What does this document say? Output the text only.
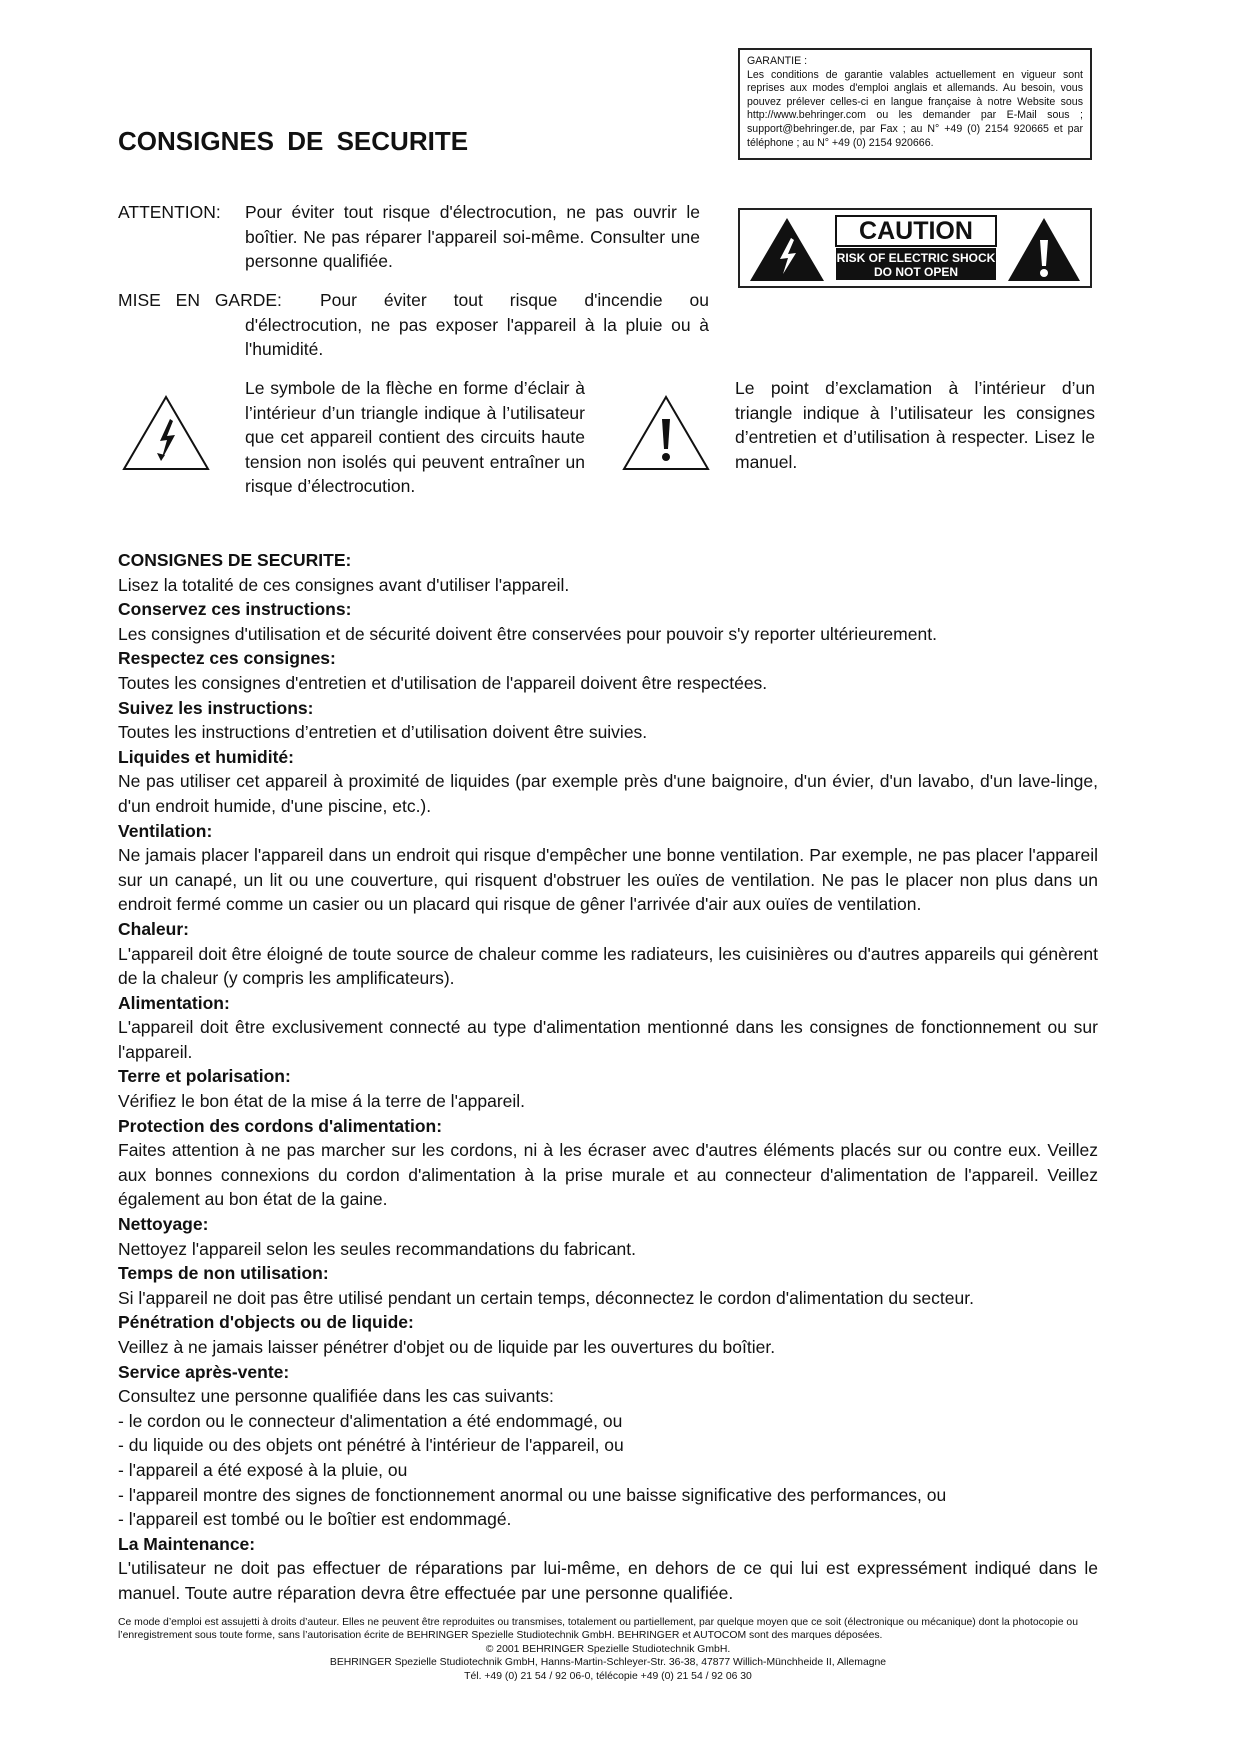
CONSIGNES DE SECURITE
GARANTIE :
Les conditions de garantie valables actuellement en vigueur sont reprises aux modes d'emploi anglais et allemands. Au besoin, vous pouvez prélever celles-ci en langue française à notre Website sous http://www.behringer.com ou les demander par E-Mail sous ; support@behringer.de, par Fax ; au N° +49 (0) 2154 920665 et par téléphone ; au N° +49 (0) 2154 920666.
CAUTION
RISK OF ELECTRIC SHOCK
DO NOT OPEN
ATTENTION: Pour éviter tout risque d'électrocution, ne pas ouvrir le boîtier. Ne pas réparer l'appareil soi-même. Consulter une personne qualifiée.
MISE EN GARDE:	Pour éviter tout risque d'incendie ou d'électrocution, ne pas exposer l'appareil à la pluie ou à l'humidité.
Le symbole de la flèche en forme d’éclair à l’intérieur d’un triangle indique à l’utilisateur que cet appareil contient des circuits haute tension non isolés qui peuvent entraîner un risque d’électrocution.
Le point d’exclamation à l’intérieur d’un triangle indique à l’utilisateur les consignes d’entretien et d’utilisation à respecter. Lisez le manuel.
CONSIGNES DE SECURITE:
Lisez la totalité de ces consignes avant d'utiliser l'appareil.
Conservez ces instructions:
Les consignes d'utilisation et de sécurité doivent être conservées pour pouvoir s'y reporter ultérieurement.
Respectez ces consignes:
Toutes les consignes d'entretien et d'utilisation de l'appareil doivent être respectées.
Suivez les instructions:
Toutes les instructions d’entretien et d’utilisation doivent être suivies.
Liquides et humidité:
Ne pas utiliser cet appareil à proximité de liquides (par exemple près d'une baignoire, d'un évier, d'un lavabo, d'un lave-linge, d'un endroit humide, d'une piscine, etc.).
Ventilation:
Ne jamais placer l'appareil dans un endroit qui risque d'empêcher une bonne ventilation. Par exemple, ne pas placer l'appareil sur un canapé, un lit ou une couverture, qui risquent d'obstruer les ouïes de ventilation. Ne pas le placer non plus dans un endroit fermé comme un casier ou un placard qui risque de gêner l'arrivée d'air aux ouïes de ventilation.
Chaleur:
L'appareil doit être éloigné de toute source de chaleur comme les radiateurs, les cuisinières ou d'autres appareils qui génèrent de la chaleur (y compris les amplificateurs).
Alimentation:
L'appareil doit être exclusivement connecté au type d'alimentation mentionné dans les consignes de fonctionnement ou sur l'appareil.
Terre et polarisation:
Vérifiez le bon état de la mise á la terre de l'appareil.
Protection des cordons d'alimentation:
Faites attention à ne pas marcher sur les cordons, ni à les écraser avec d'autres éléments placés sur ou contre eux. Veillez aux bonnes connexions du cordon d'alimentation à la prise murale et au connecteur d'alimentation de l'appareil. Veillez également au bon état de la gaine.
Nettoyage:
Nettoyez l'appareil selon les seules recommandations du fabricant.
Temps de non utilisation:
Si l'appareil ne doit pas être utilisé pendant un certain temps, déconnectez le cordon d'alimentation du secteur.
Pénétration d'objects ou de liquide:
Veillez à ne jamais laisser pénétrer d'objet ou de liquide par les ouvertures du boîtier.
Service après-vente:
Consultez une personne qualifiée dans les cas suivants:
- le cordon ou le connecteur d'alimentation a été endommagé, ou
- du liquide ou des objets ont pénétré à l'intérieur de l'appareil, ou
- l'appareil a été exposé à la pluie, ou
- l'appareil montre des signes de fonctionnement anormal ou une baisse significative des performances, ou
- l'appareil est tombé ou le boîtier est endommagé.
La Maintenance:
L'utilisateur ne doit pas effectuer de réparations par lui-même, en dehors de ce qui lui est expressément indiqué dans le manuel. Toute autre réparation devra être effectuée par une personne qualifiée.
Ce mode d’emploi est assujetti à droits d’auteur. Elles ne peuvent être reproduites ou transmises, totalement ou partiellement, par quelque moyen que ce soit (électronique ou mécanique) dont la photocopie ou l’enregistrement sous toute forme, sans l’autorisation écrite de BEHRINGER Spezielle Studiotechnik GmbH. BEHRINGER et AUTOCOM sont des marques déposées.
© 2001 BEHRINGER Spezielle Studiotechnik GmbH.
BEHRINGER Spezielle Studiotechnik GmbH, Hanns-Martin-Schleyer-Str. 36-38, 47877 Willich-Münchheide II, Allemagne
Tél. +49 (0) 21 54 / 92 06-0, télécopie +49 (0) 21 54 / 92 06 30
